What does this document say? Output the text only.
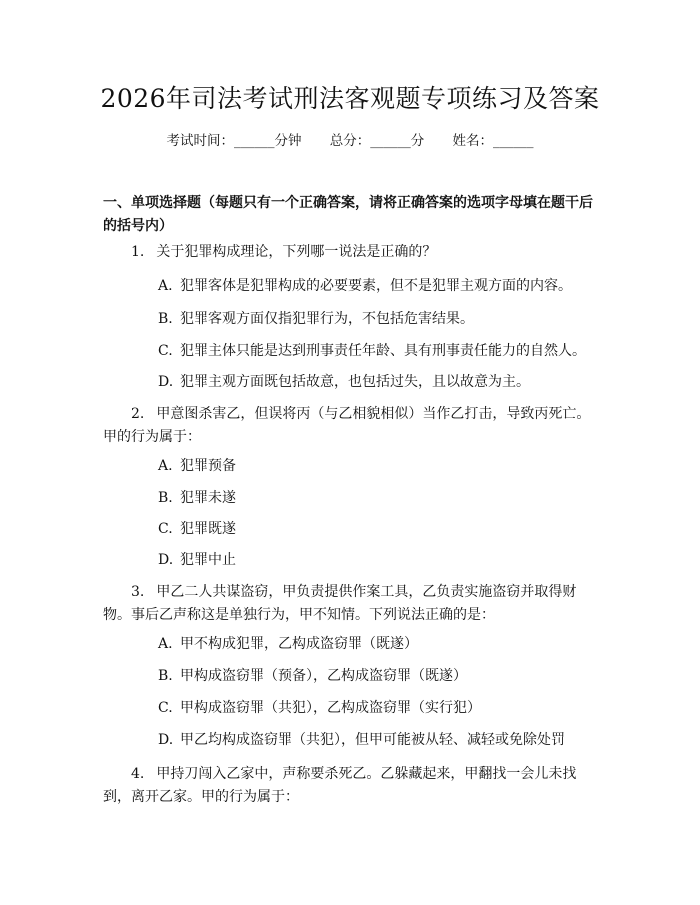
2026年司法考试刑法客观题专项练习及答案
考试时间：______分钟 总分：______分 姓名：______
一、单项选择题（每题只有一个正确答案，请将正确答案的选项字母填在题干后的括号内）
1. 关于犯罪构成理论，下列哪一说法是正确的？
A. 犯罪客体是犯罪构成的必要要素，但不是犯罪主观方面的内容。
B. 犯罪客观方面仅指犯罪行为，不包括危害结果。
C. 犯罪主体只能是达到刑事责任年龄、具有刑事责任能力的自然人。
D. 犯罪主观方面既包括故意，也包括过失，且以故意为主。
2. 甲意图杀害乙，但误将丙（与乙相貌相似）当作乙打击，导致丙死亡。甲的行为属于：
A. 犯罪预备
B. 犯罪未遂
C. 犯罪既遂
D. 犯罪中止
3. 甲乙二人共谋盗窃，甲负责提供作案工具，乙负责实施盗窃并取得财物。事后乙声称这是单独行为，甲不知情。下列说法正确的是：
A. 甲不构成犯罪，乙构成盗窃罪（既遂）
B. 甲构成盗窃罪（预备），乙构成盗窃罪（既遂）
C. 甲构成盗窃罪（共犯），乙构成盗窃罪（实行犯）
D. 甲乙均构成盗窃罪（共犯），但甲可能被从轻、减轻或免除处罚
4. 甲持刀闯入乙家中，声称要杀死乙。乙躲藏起来，甲翻找一会儿未找到，离开乙家。甲的行为属于：
